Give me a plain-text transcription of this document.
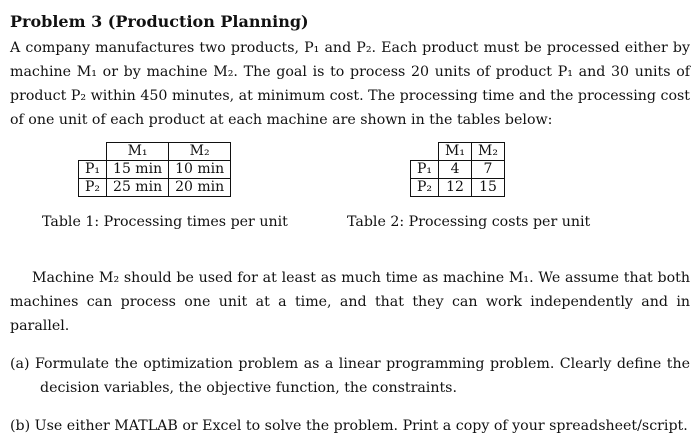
Problem 3 (Production Planning)

A company manufactures two products, P₁ and P₂. Each product must be processed either by machine M₁ or by machine M₂. The goal is to process 20 units of product P₁ and 30 units of product P₂ within 450 minutes, at minimum cost. The processing time and the processing cost of one unit of each product at each machine are shown in the tables below:

	M₁	M₂
P₁	15 min	10 min
P₂	25 min	20 min
	M₁	M₂
P₁	4	7
P₂	12	15
Table 1: Processing times per unit	Table 2: Processing costs per unit

Machine M₂ should be used for at least as much time as machine M₁. We assume that both machines can process one unit at a time, and that they can work independently and in parallel.

(a) Formulate the optimization problem as a linear programming problem. Clearly define the decision variables, the objective function, the constraints.

(b) Use either MATLAB or Excel to solve the problem. Print a copy of your spreadsheet/script.
